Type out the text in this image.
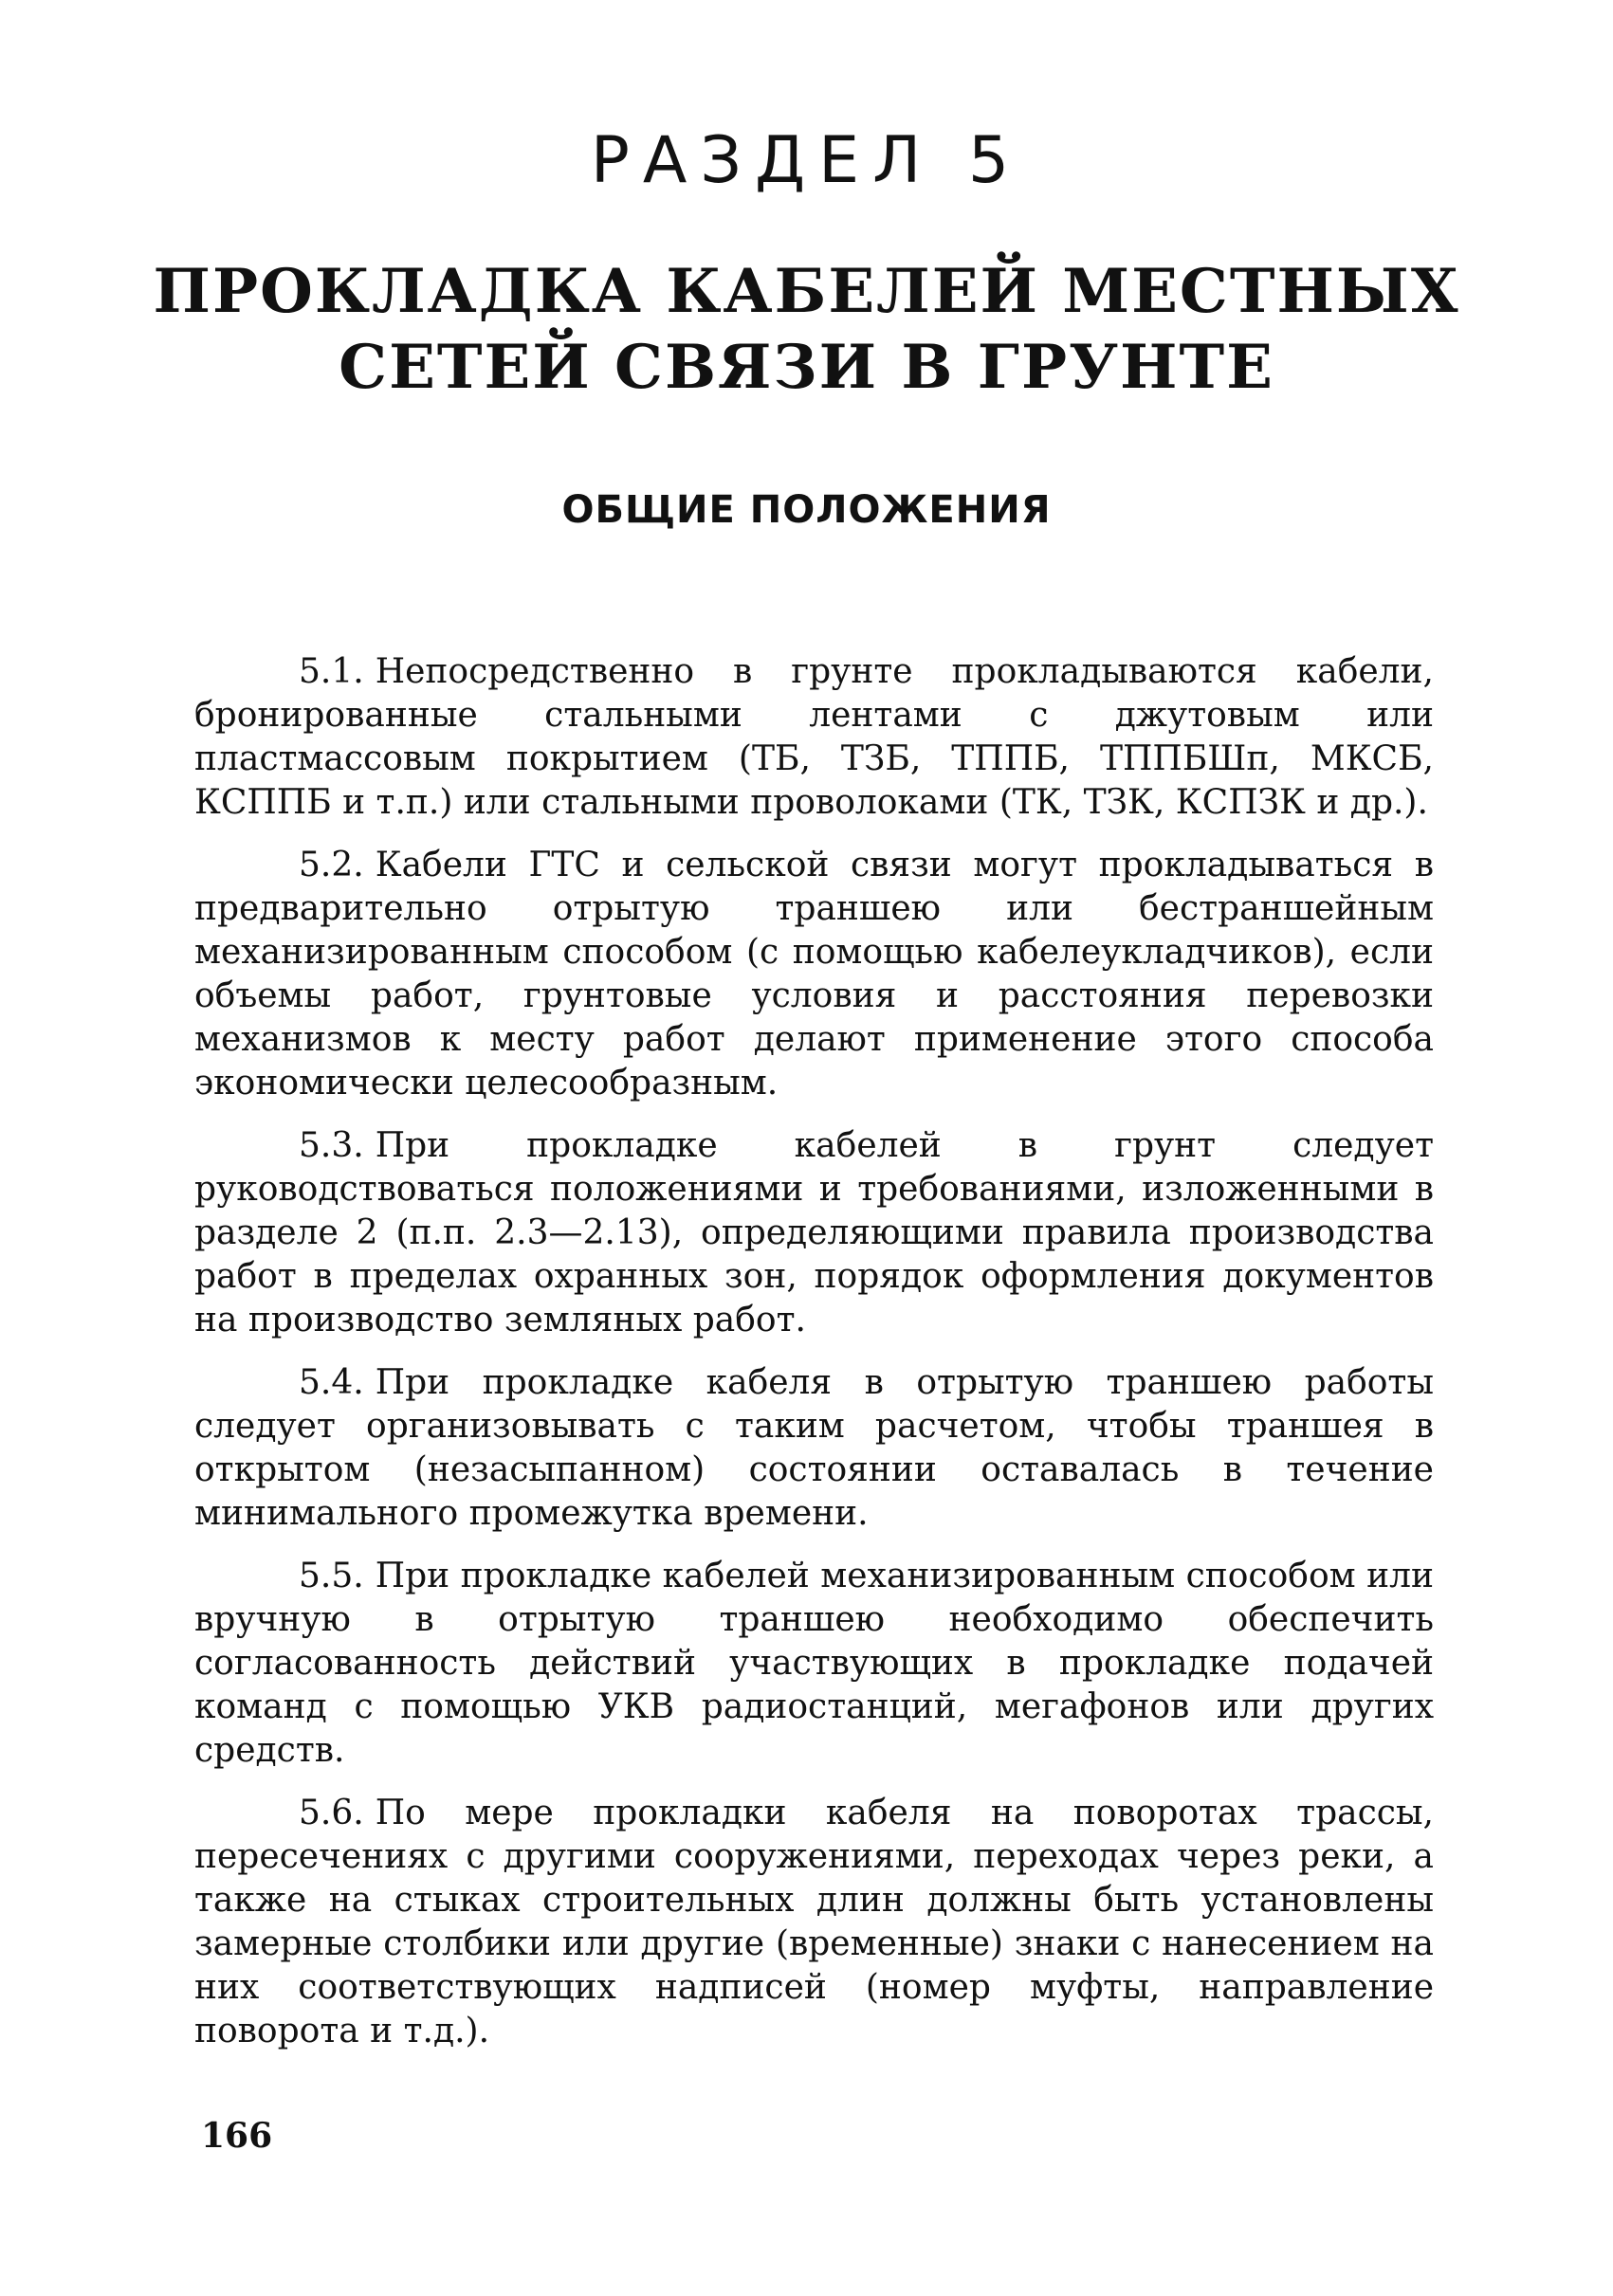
РАЗДЕЛ 5
ПРОКЛАДКА КАБЕЛЕЙ МЕСТНЫХ
СЕТЕЙ СВЯЗИ В ГРУНТЕ
ОБЩИЕ ПОЛОЖЕНИЯ

5.1. Непосредственно в грунте прокладываются кабели, бронированные стальными лентами с джутовым или пластмассовым покрытием (ТБ, ТЗБ, ТППБ, ТППБШп, МКСБ, КСППБ и т.п.) или стальными проволоками (ТК, ТЗК, КСПЗК и др.).

5.2. Кабели ГТС и сельской связи могут прокладываться в предварительно отрытую траншею или бестраншейным механизированным способом (с помощью кабелеукладчиков), если объемы работ, грунтовые условия и расстояния перевозки механизмов к месту работ делают применение этого способа экономически целесообразным.

5.3. При прокладке кабелей в грунт следует руководствоваться положениями и требованиями, изложенными в разделе 2 (п.п. 2.3—2.13), определяющими правила производства работ в пределах охранных зон, порядок оформления документов на производство земляных работ.

5.4. При прокладке кабеля в отрытую траншею работы следует организовывать с таким расчетом, чтобы траншея в открытом (незасыпанном) состоянии оставалась в течение минимального промежутка времени.

5.5. При прокладке кабелей механизированным способом или вручную в отрытую траншею необходимо обеспечить согласованность действий участвующих в прокладке подачей команд с помощью УКВ радиостанций, мегафонов или других средств.

5.6. По мере прокладки кабеля на поворотах трассы, пересечениях с другими сооружениями, переходах через реки, а также на стыках строительных длин должны быть установлены замерные столбики или другие (временные) знаки с нанесением на них соответствующих надписей (номер муфты, направление поворота и т.д.).

166
